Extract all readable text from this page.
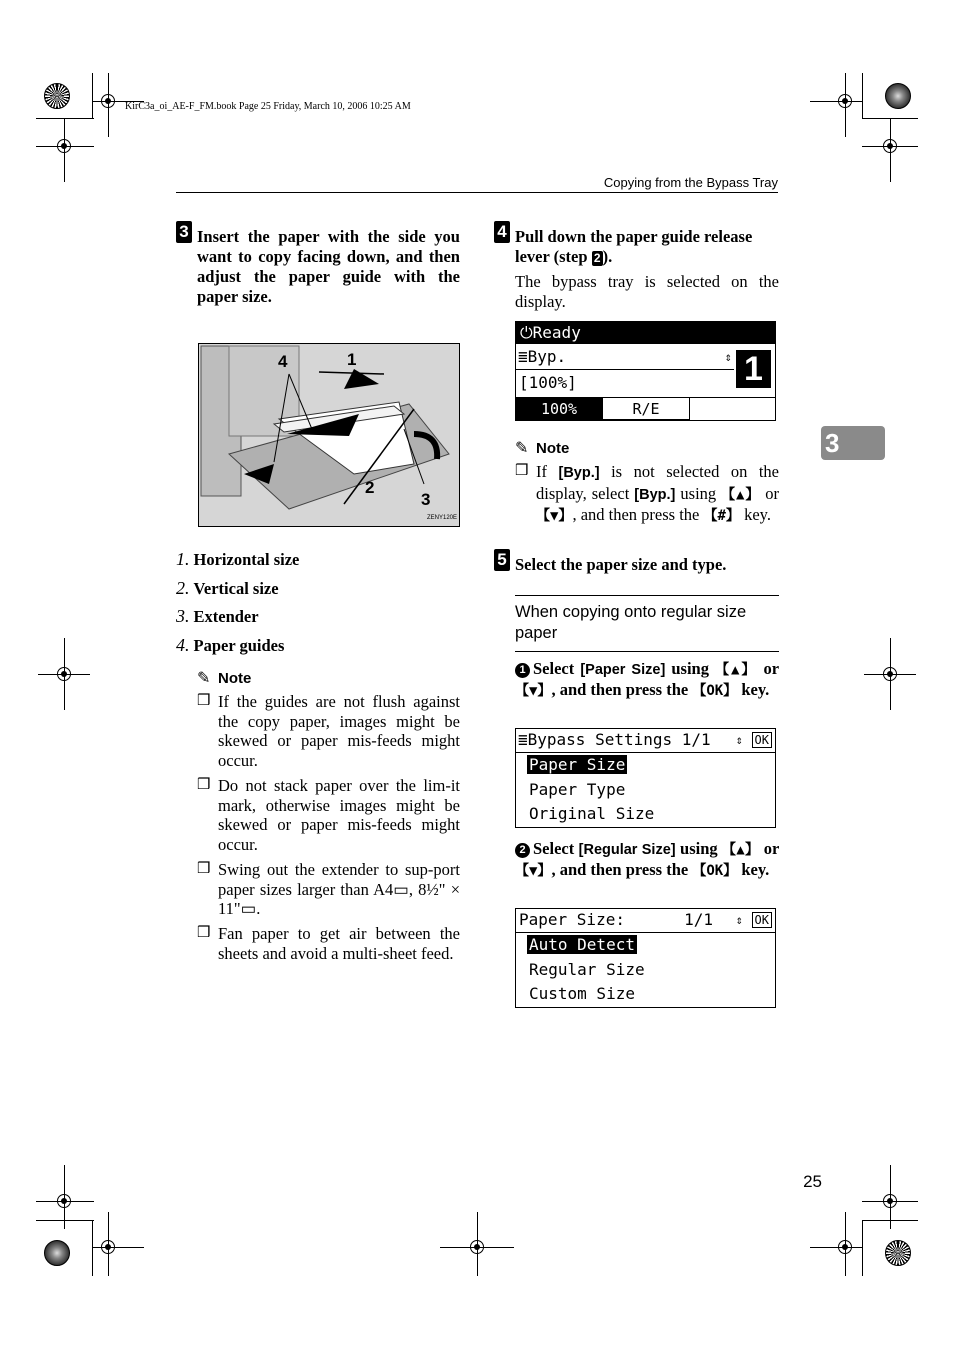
KirC3a_oi_AE-F_FM.book Page 25 Friday, March 10, 2006 10:25 AM
Copying from the Bypass Tray
3
3 Insert the paper with the side you want to copy facing down, and then adjust the paper guide with the paper size.
4	1
2
3
ZENY120E
1. Horizontal size
2. Vertical size
3. Extender
4. Paper guides
✎ Note
❒ If the guides are not flush against the copy paper, images might be skewed or paper mis-feeds might occur.
❒ Do not stack paper over the lim-it mark, otherwise images might be skewed or paper mis-feeds might occur.
❒ Swing out the extender to sup-port paper sizes larger than A4▭, 8½" × 11"▭.
❒ Fan paper to get air between the sheets and avoid a multi-sheet feed.
4 Pull down the paper guide release lever (step 2 ).
The bypass tray is selected on the display.
⏻Ready
≣Byp.	⇕
[100%]	1
100%	R/E
✎ Note
❒ If [Byp.] is not selected on the display, select [Byp.] using 【▲】 or 【▼】, and then press the 【#】 key.
5 Select the paper size and type.
When copying onto regular size paper
1 Select [Paper Size] using 【▲】 or 【▼】, and then press the 【OK】 key.
≣Bypass Settings 1/1 ⇕ OK
Paper Size
Paper Type
Original Size
2 Select [Regular Size] using 【▲】 or 【▼】, and then press the 【OK】 key.
Paper Size:	1/1 ⇕ OK
Auto Detect
Regular Size
Custom Size
25
